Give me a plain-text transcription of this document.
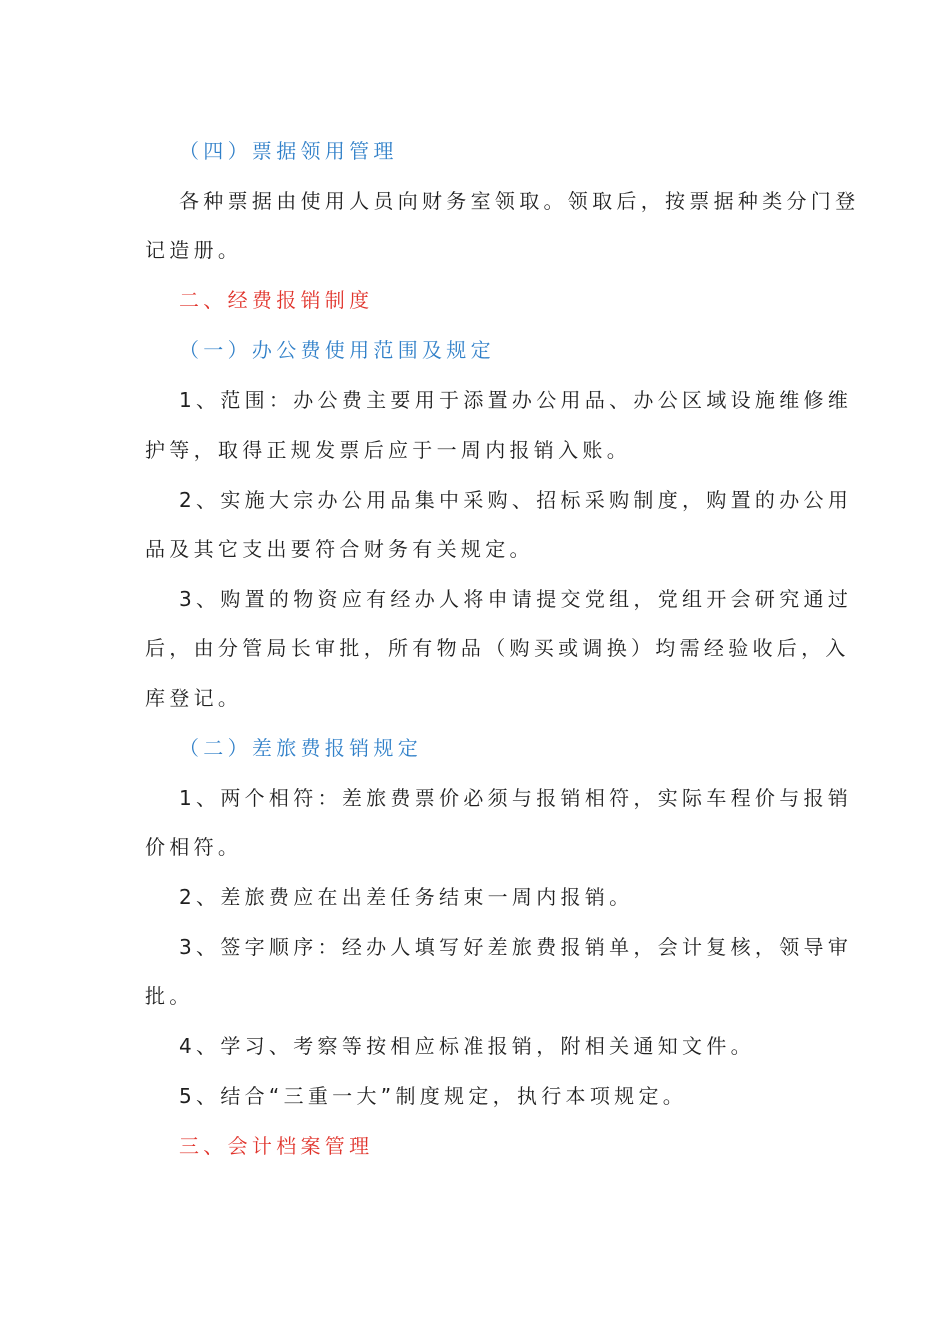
（四）票据领用管理
各种票据由使用人员向财务室领取。领取后，按票据种类分门登
记造册。
二、经费报销制度
（一）办公费使用范围及规定
1、范围：办公费主要用于添置办公用品、办公区域设施维修维
护等，取得正规发票后应于一周内报销入账。
2、实施大宗办公用品集中采购、招标采购制度，购置的办公用
品及其它支出要符合财务有关规定。
3、购置的物资应有经办人将申请提交党组，党组开会研究通过
后，由分管局长审批，所有物品（购买或调换）均需经验收后，入
库登记。
（二）差旅费报销规定
1、两个相符：差旅费票价必须与报销相符，实际车程价与报销
价相符。
2、差旅费应在出差任务结束一周内报销。
3、签字顺序：经办人填写好差旅费报销单，会计复核，领导审
批。
4、学习、考察等按相应标准报销，附相关通知文件。
5、结合“三重一大”制度规定，执行本项规定。
三、会计档案管理
